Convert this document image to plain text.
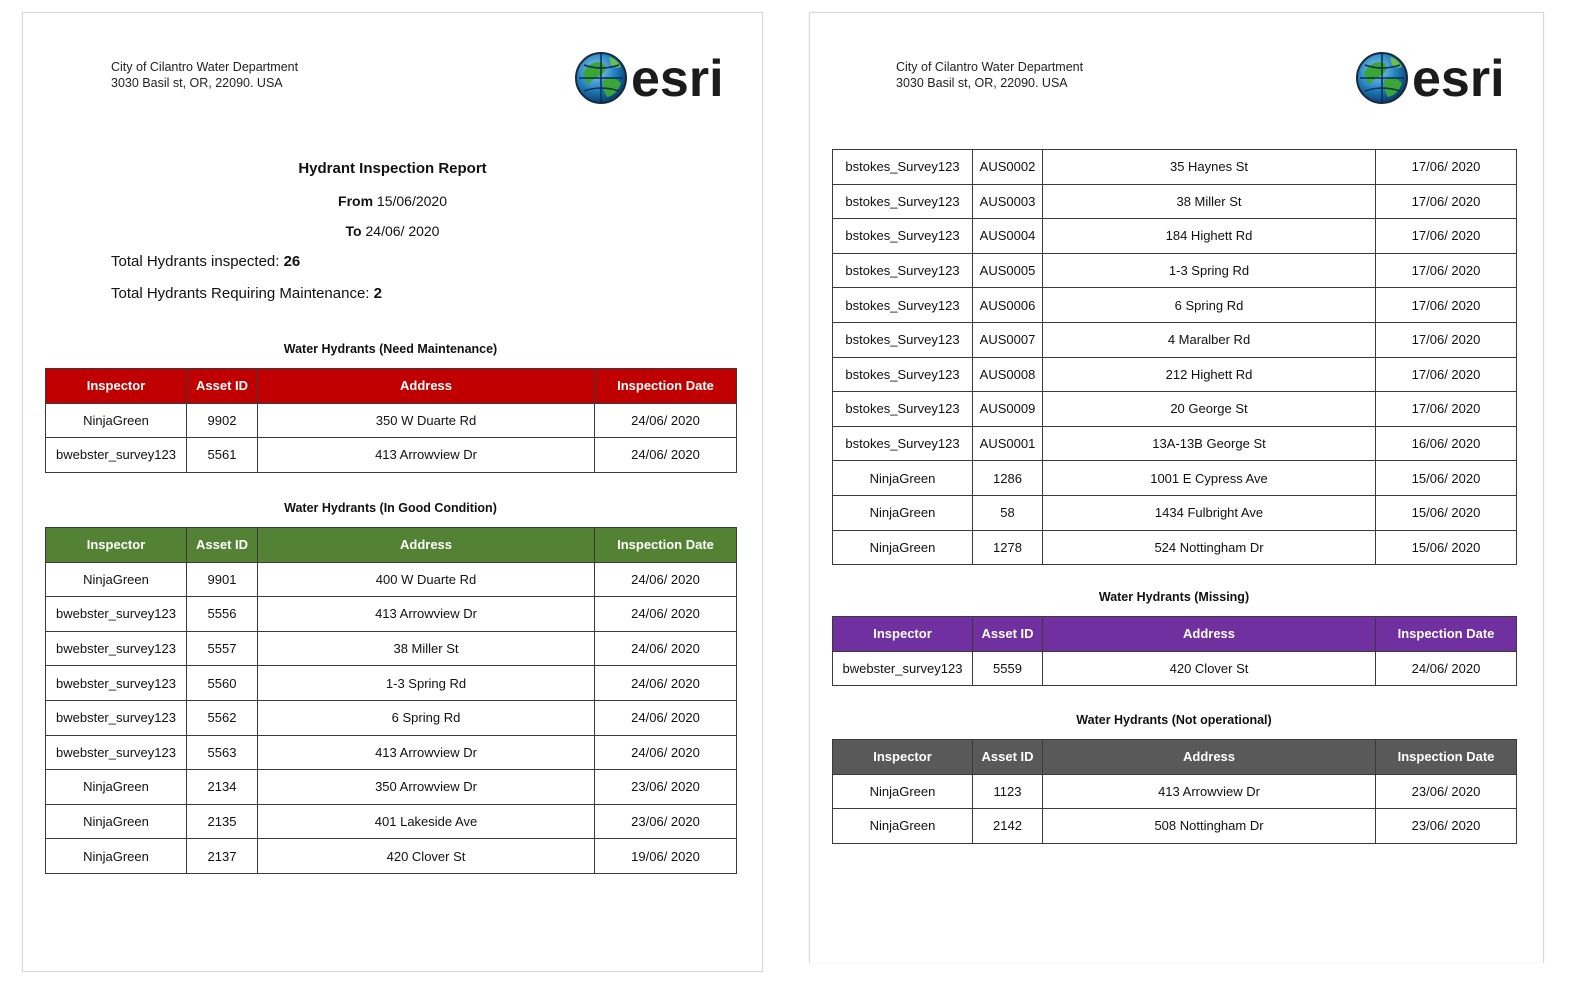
City of Cilantro Water Department
3030 Basil st, OR, 22090. USA	esri
Hydrant Inspection Report
From 15/06/2020
To 24/06/ 2020
Total Hydrants inspected: 26
Total Hydrants Requiring Maintenance: 2
Water Hydrants (Need Maintenance)
Inspector	Asset ID	Address	Inspection Date
NinjaGreen	9902	350 W Duarte Rd	24/06/ 2020
bwebster_survey123	5561	413 Arrowview Dr	24/06/ 2020
Water Hydrants (In Good Condition)
Inspector	Asset ID	Address	Inspection Date
NinjaGreen	9901	400 W Duarte Rd	24/06/ 2020
bwebster_survey123	5556	413 Arrowview Dr	24/06/ 2020
bwebster_survey123	5557	38 Miller St	24/06/ 2020
bwebster_survey123	5560	1-3 Spring Rd	24/06/ 2020
bwebster_survey123	5562	6 Spring Rd	24/06/ 2020
bwebster_survey123	5563	413 Arrowview Dr	24/06/ 2020
NinjaGreen	2134	350 Arrowview Dr	23/06/ 2020
NinjaGreen	2135	401 Lakeside Ave	23/06/ 2020
NinjaGreen	2137	420 Clover St	19/06/ 2020
City of Cilantro Water Department
3030 Basil st, OR, 22090. USA	esri
bstokes_Survey123	AUS0002	35 Haynes St	17/06/ 2020
bstokes_Survey123	AUS0003	38 Miller St	17/06/ 2020
bstokes_Survey123	AUS0004	184 Highett Rd	17/06/ 2020
bstokes_Survey123	AUS0005	1-3 Spring Rd	17/06/ 2020
bstokes_Survey123	AUS0006	6 Spring Rd	17/06/ 2020
bstokes_Survey123	AUS0007	4 Maralber Rd	17/06/ 2020
bstokes_Survey123	AUS0008	212 Highett Rd	17/06/ 2020
bstokes_Survey123	AUS0009	20 George St	17/06/ 2020
bstokes_Survey123	AUS0001	13A-13B George St	16/06/ 2020
NinjaGreen	1286	1001 E Cypress Ave	15/06/ 2020
NinjaGreen	58	1434 Fulbright Ave	15/06/ 2020
NinjaGreen	1278	524 Nottingham Dr	15/06/ 2020
Water Hydrants (Missing)
Inspector	Asset ID	Address	Inspection Date
bwebster_survey123	5559	420 Clover St	24/06/ 2020
Water Hydrants (Not operational)
Inspector	Asset ID	Address	Inspection Date
NinjaGreen	1123	413 Arrowview Dr	23/06/ 2020
NinjaGreen	2142	508 Nottingham Dr	23/06/ 2020
